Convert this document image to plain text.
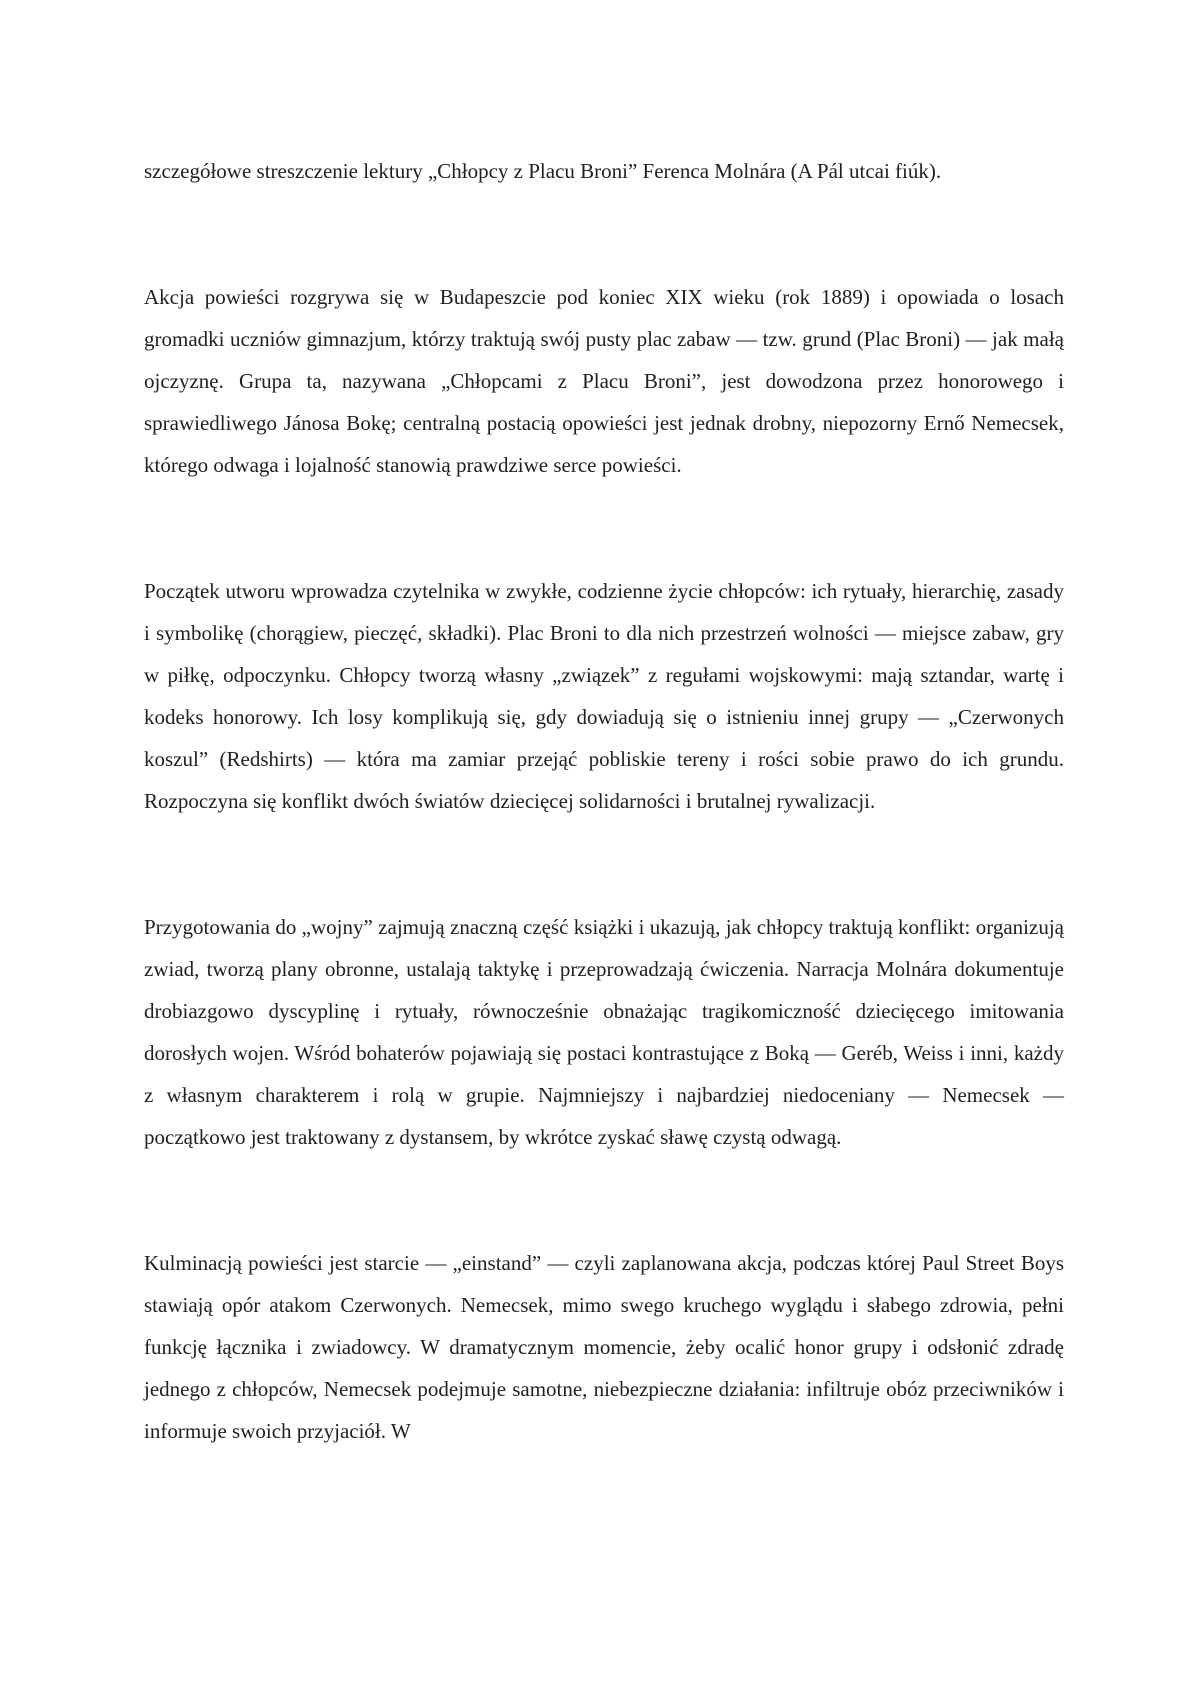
szczegółowe streszczenie lektury „Chłopcy z Placu Broni” Ferenca Molnára (A Pál utcai fiúk).

Akcja powieści rozgrywa się w Budapeszcie pod koniec XIX wieku (rok 1889) i opowiada o losach gromadki uczniów gimnazjum, którzy traktują swój pusty plac zabaw — tzw. grund (Plac Broni) — jak małą ojczyznę. Grupa ta, nazywana „Chłopcami z Placu Broni”, jest dowodzona przez honorowego i sprawiedliwego Jánosa Bokę; centralną postacią opowieści jest jednak drobny, niepozorny Ernő Nemecsek, którego odwaga i lojalność stanowią prawdziwe serce powieści.

Początek utworu wprowadza czytelnika w zwykłe, codzienne życie chłopców: ich rytuały, hierarchię, zasady i symbolikę (chorągiew, pieczęć, składki). Plac Broni to dla nich przestrzeń wolności — miejsce zabaw, gry w piłkę, odpoczynku. Chłopcy tworzą własny „związek” z regułami wojskowymi: mają sztandar, wartę i kodeks honorowy. Ich losy komplikują się, gdy dowiadują się o istnieniu innej grupy — „Czerwonych koszul” (Redshirts) — która ma zamiar przejąć pobliskie tereny i rości sobie prawo do ich grundu. Rozpoczyna się konflikt dwóch światów dziecięcej solidarności i brutalnej rywalizacji.

Przygotowania do „wojny” zajmują znaczną część książki i ukazują, jak chłopcy traktują konflikt: organizują zwiad, tworzą plany obronne, ustalają taktykę i przeprowadzają ćwiczenia. Narracja Molnára dokumentuje drobiazgowo dyscyplinę i rytuały, równocześnie obnażając tragikomiczność dziecięcego imitowania dorosłych wojen. Wśród bohaterów pojawiają się postaci kontrastujące z Boką — Geréb, Weiss i inni, każdy z własnym charakterem i rolą w grupie. Najmniejszy i najbardziej niedoceniany — Nemecsek — początkowo jest traktowany z dystansem, by wkrótce zyskać sławę czystą odwagą.

Kulminacją powieści jest starcie — „einstand” — czyli zaplanowana akcja, podczas której Paul Street Boys stawiają opór atakom Czerwonych. Nemecsek, mimo swego kruchego wyglądu i słabego zdrowia, pełni funkcję łącznika i zwiadowcy. W dramatycznym momencie, żeby ocalić honor grupy i odsłonić zdradę jednego z chłopców, Nemecsek podejmuje samotne, niebezpieczne działania: infiltruje obóz przeciwników i informuje swoich przyjaciół. W
